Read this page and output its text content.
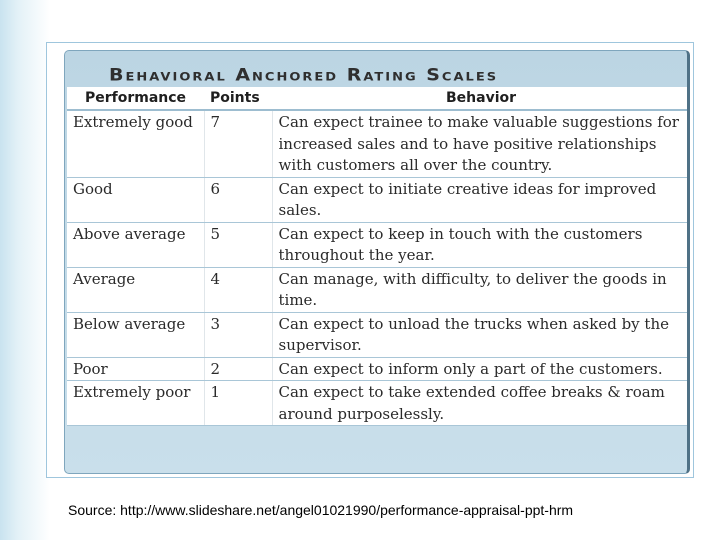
Behavioral Anchored Rating Scales
Performance	Points	Behavior
Extremely good	7	Can expect trainee to make valuable suggestions for increased sales and to have positive relationships with customers all over the country.
Good	6	Can expect to initiate creative ideas for improved sales.
Above average	5	Can expect to keep in touch with the customers throughout the year.
Average	4	Can manage, with difficulty, to deliver the goods in time.
Below average	3	Can expect to unload the trucks when asked by the supervisor.
Poor	2	Can expect to inform only a part of the customers.
Extremely poor	1	Can expect to take extended coffee breaks & roam around purposelessly.
Source: http://www.slideshare.net/angel01021990/performance-appraisal-ppt-hrm
